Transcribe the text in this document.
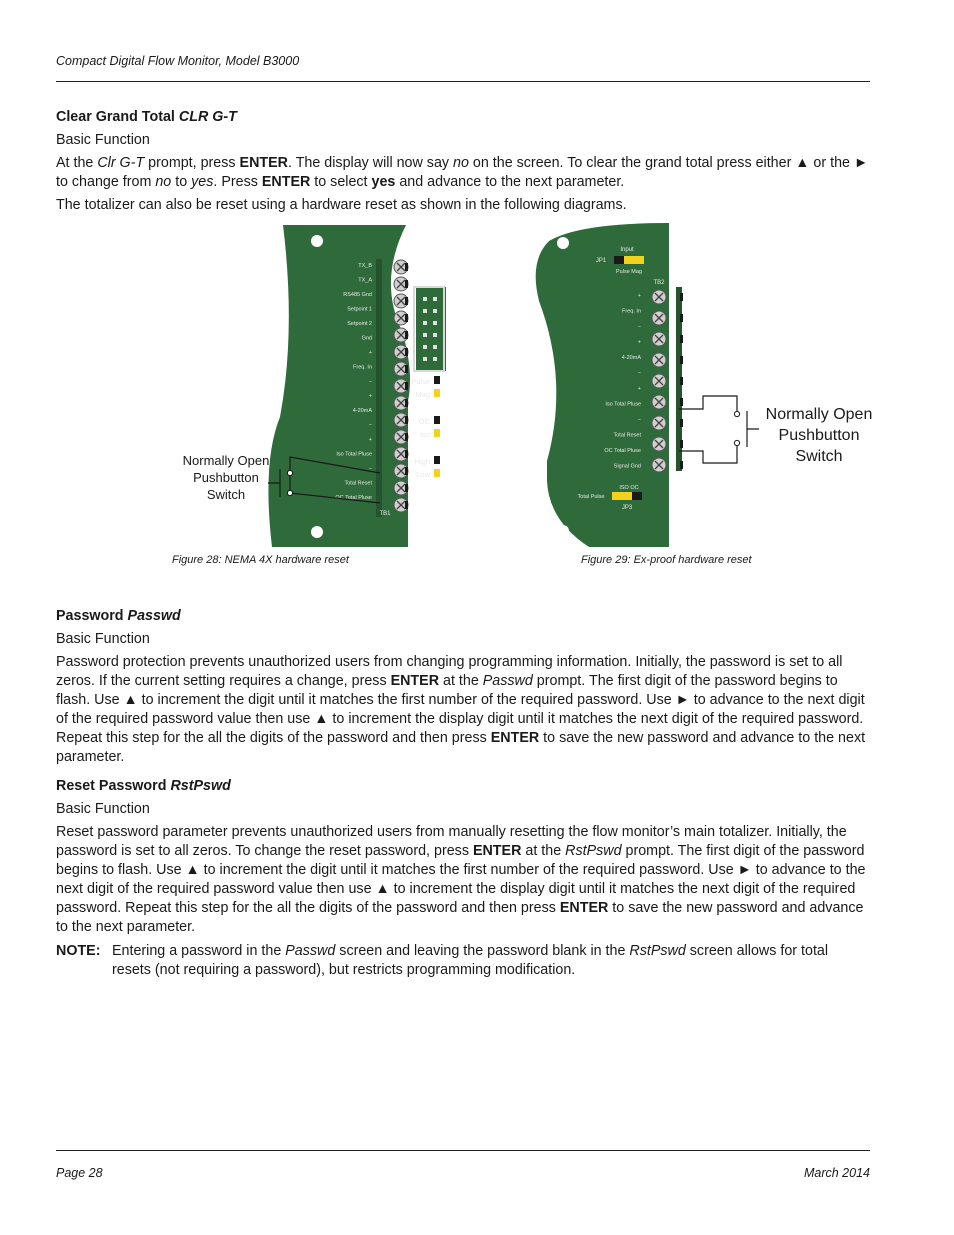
Compact Digital Flow Monitor, Model B3000

Clear Grand Total CLR G-T

Basic Function

At the Clr G-T prompt, press ENTER. The display will now say no on the screen. To clear the grand total press either ▲ or the ► to change from no to yes. Press ENTER to select yes and advance to the next parameter.

The totalizer can also be reset using a hardware reset as shown in the following diagrams.

TX_B
TX_A
RS485 Gnd
Setpoint 1
Setpoint 2
Gnd
+
Freq. In
−
+
4-20mA
−
+
Iso Total Pluse
−
Total Reset
OC Total Pluse
TB1
Pulse
Mag
OC
Iso
High
Low
Normally Open
Pushbutton
Switch
Figure 28: NEMA 4X hardware reset
Input
JP1
Pulse Mag
TB2
+
Freq. In
−
+
4-20mA
−
+
Iso Total Pluse
−
Total Reset
OC Total Pluse
Signal Gnd
ISO OC
Total Pulse
JP3
Normally Open
Pushbutton
Switch
Figure 29: Ex-proof hardware reset

Password Passwd

Basic Function

Password protection prevents unauthorized users from changing programming information. Initially, the password is set to all zeros. If the current setting requires a change, press ENTER at the Passwd prompt. The first digit of the password begins to flash. Use ▲ to increment the digit until it matches the first number of the required password. Use ► to advance to the next digit of the required password value then use ▲ to increment the display digit until it matches the next digit of the required password. Repeat this step for the all the digits of the password and then press ENTER to save the new password and advance to the next parameter.

Reset Password RstPswd

Basic Function

Reset password parameter prevents unauthorized users from manually resetting the flow monitor’s main totalizer. Initially, the password is set to all zeros. To change the reset password, press ENTER at the RstPswd prompt. The first digit of the password begins to flash. Use ▲ to increment the digit until it matches the first number of the required password. Use ► to advance to the next digit of the required password value then use ▲ to increment the display digit until it matches the next digit of the required password. Repeat this step for the all the digits of the password and then press ENTER to save the new password and advance to the next parameter.

NOTE: Entering a password in the Passwd screen and leaving the password blank in the RstPswd screen allows for total resets (not requiring a password), but restricts programming modification.
Page 28	March 2014
